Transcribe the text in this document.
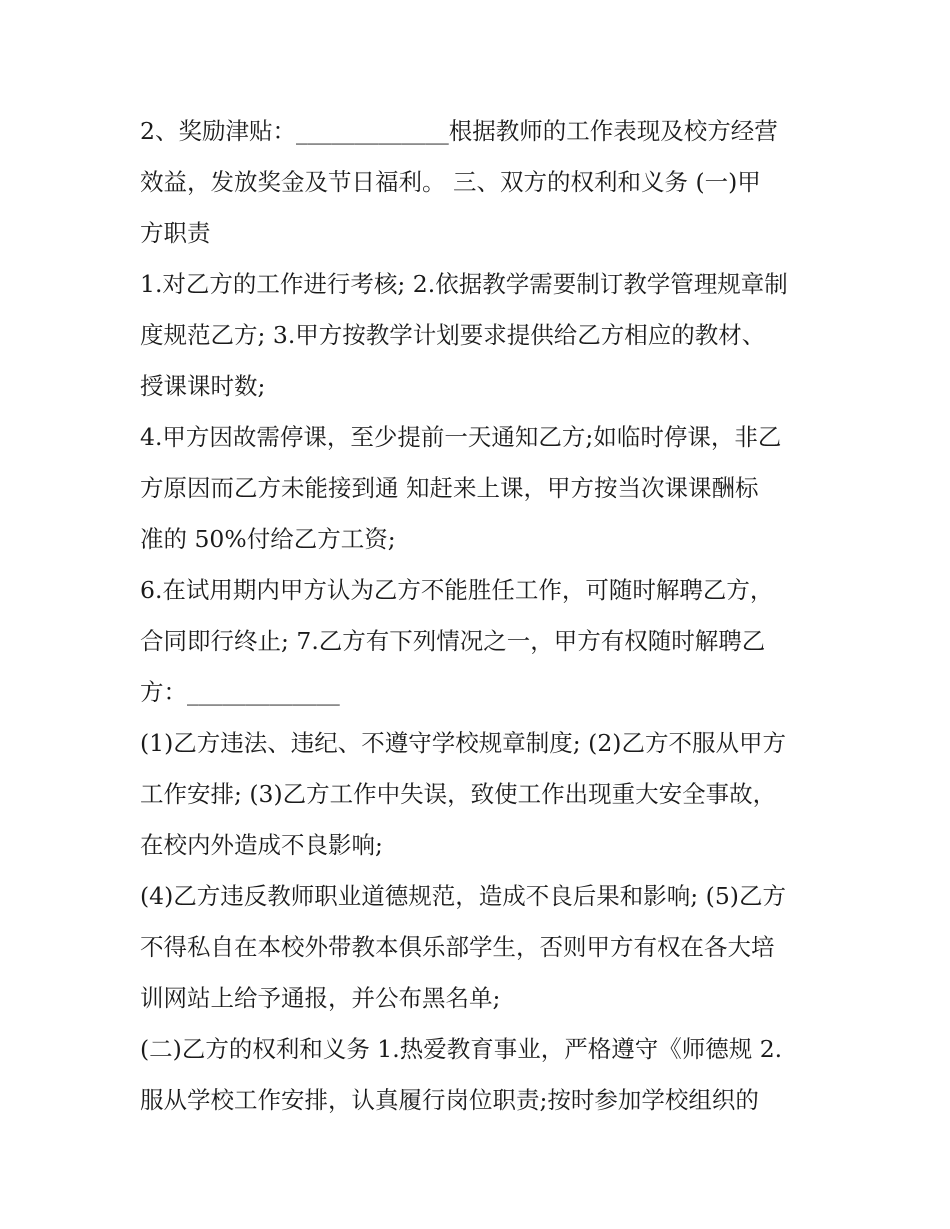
2、奖励津贴：_____________根据教师的工作表现及校方经营
效益，发放奖金及节日福利。 三、双方的权利和义务 (一)甲
方职责
1.对乙方的工作进行考核; 2.依据教学需要制订教学管理规章制
度规范乙方; 3.甲方按教学计划要求提供给乙方相应的教材、
授课课时数;
4.甲方因故需停课，至少提前一天通知乙方;如临时停课，非乙
方原因而乙方未能接到通 知赶来上课，甲方按当次课课酬标
准的 50%付给乙方工资;
6.在试用期内甲方认为乙方不能胜任工作，可随时解聘乙方，
合同即行终止; 7.乙方有下列情况之一，甲方有权随时解聘乙
方：_____________
(1)乙方违法、违纪、不遵守学校规章制度; (2)乙方不服从甲方
工作安排; (3)乙方工作中失误，致使工作出现重大安全事故，
在校内外造成不良影响;
(4)乙方违反教师职业道德规范，造成不良后果和影响; (5)乙方
不得私自在本校外带教本俱乐部学生，否则甲方有权在各大培
训网站上给予通报，并公布黑名单;
(二)乙方的权利和义务 1.热爱教育事业，严格遵守《师德规 2.
服从学校工作安排，认真履行岗位职责;按时参加学校组织的
